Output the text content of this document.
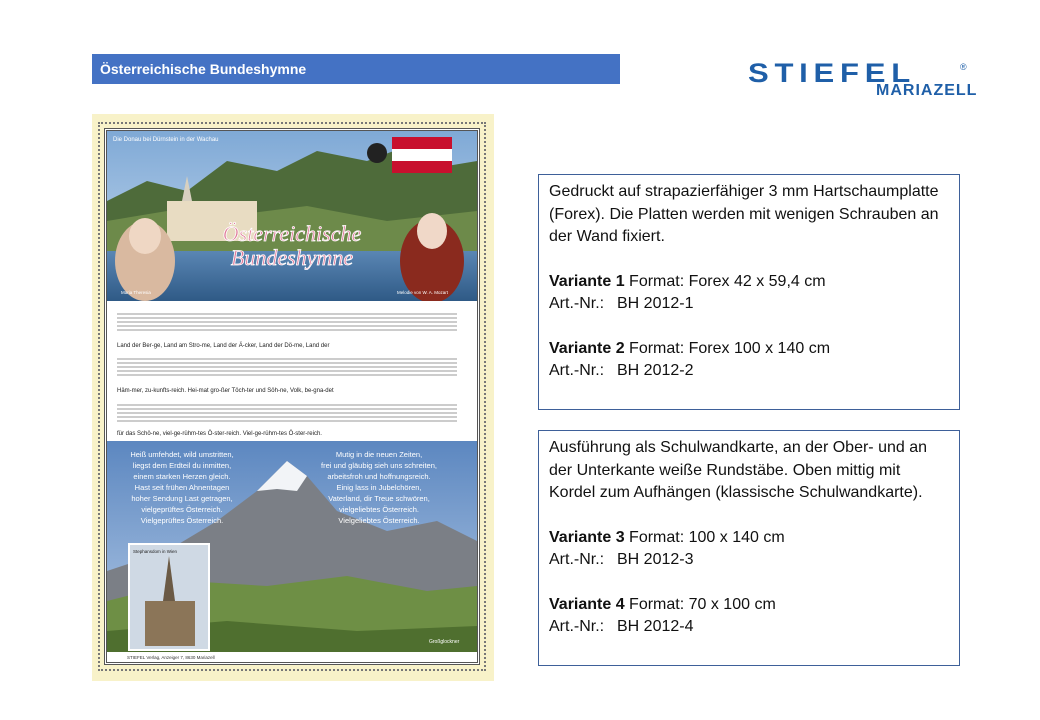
Österreichische Bundeshymne	STIEFEL	®
MARIAZELL
Die Donau bei Dürnstein in der Wachau
Österreichische
Bundeshymne
Maria Theresia	Melodie von W. A. Mozart
Land der Ber-ge, Land am Stro-me, Land der Ä-cker, Land der Dö-me, Land der
Häm-mer, zu-kunfts-reich. Hei-mat gro-ßer Töch-ter und Söh-ne, Volk, be-gna-det
für das Schö-ne, viel-ge-rühm-tes Ö-ster-reich. Viel-ge-rühm-tes Ö-ster-reich.
Heiß umfehdet, wild umstritten,
liegst dem Erdteil du inmitten,
einem starken Herzen gleich.
Hast seit frühen Ahnentagen
hoher Sendung Last getragen,
vielgeprüftes Österreich.
Vielgeprüftes Österreich.
Mutig in die neuen Zeiten,
frei und gläubig sieh uns schreiten,
arbeitsfroh und hoffnungsreich.
Einig lass in Jubelchören,
Vaterland, dir Treue schwören,
vielgeliebtes Österreich.
Vielgeliebtes Österreich.
Stephansdom in Wien
Großglockner
STIEFEL Verlag, Anzeiger 7, 8630 Mariazell

Gedruckt auf strapazierfähiger 3 mm Hartschaumplatte (Forex). Die Platten werden mit wenigen Schrauben an der Wand fixiert.

Variante 1 Format: Forex 42 x 59,4 cm

Art.-Nr.: BH 2012-1

Variante 2 Format: Forex 100 x 140 cm

Art.-Nr.: BH 2012-2

Ausführung als Schulwandkarte, an der Ober- und an der Unterkante weiße Rundstäbe. Oben mittig mit Kordel zum Aufhängen (klassische Schulwandkarte).

Variante 3 Format: 100 x 140 cm

Art.-Nr.: BH 2012-3

Variante 4 Format: 70 x 100 cm

Art.-Nr.: BH 2012-4
